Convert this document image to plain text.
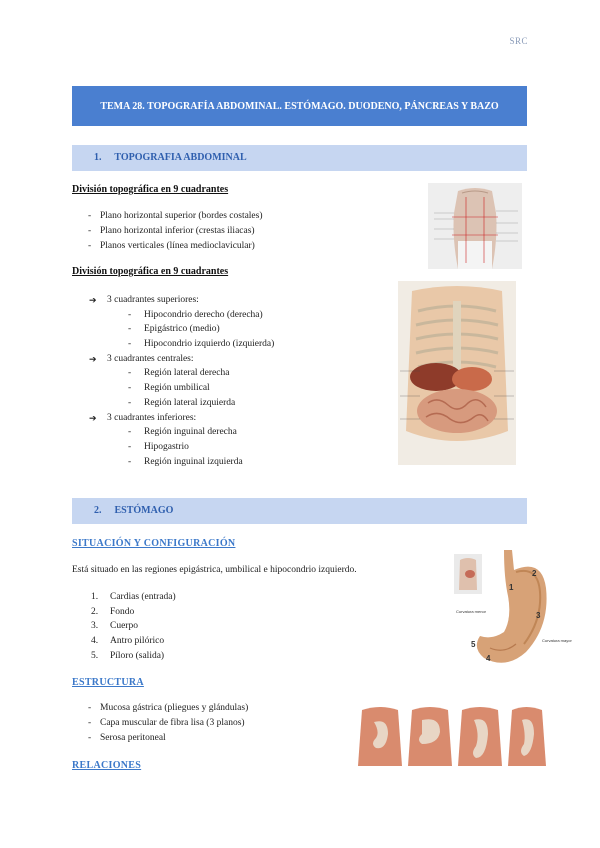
SRC
TEMA 28. TOPOGRAFÍA ABDOMINAL. ESTÓMAGO. DUODENO, PÁNCREAS Y BAZO
1. TOPOGRAFIA ABDOMINAL
División topográfica en 9 cuadrantes
- Plano horizontal superior (bordes costales)
- Plano horizontal inferior (crestas iliacas)
- Planos verticales (línea medioclavicular)
División topográfica en 9 cuadrantes
➔ 3 cuadrantes superiores:
- Hipocondrio derecho (derecha)
- Epigástrico (medio)
- Hipocondrio izquierdo (izquierda)
➔ 3 cuadrantes centrales:
- Región lateral derecha
- Región umbilical
- Región lateral izquierda
➔ 3 cuadrantes inferiores:
- Región inguinal derecha
- Hipogastrio
- Región inguinal izquierda
2. ESTÓMAGO
SITUACIÓN Y CONFIGURACIÓN
Está situado en las regiones epigástrica, umbilical e hipocondrio izquierdo.
1. Cardias (entrada)
2. Fondo
3. Cuerpo
4. Antro pilórico
5. Píloro (salida)
1
2
3
4
5
Curvatura menor
Curvatura mayor
ESTRUCTURA
- Mucosa gástrica (pliegues y glándulas)
- Capa muscular de fibra lisa (3 planos)
- Serosa peritoneal
RELACIONES
